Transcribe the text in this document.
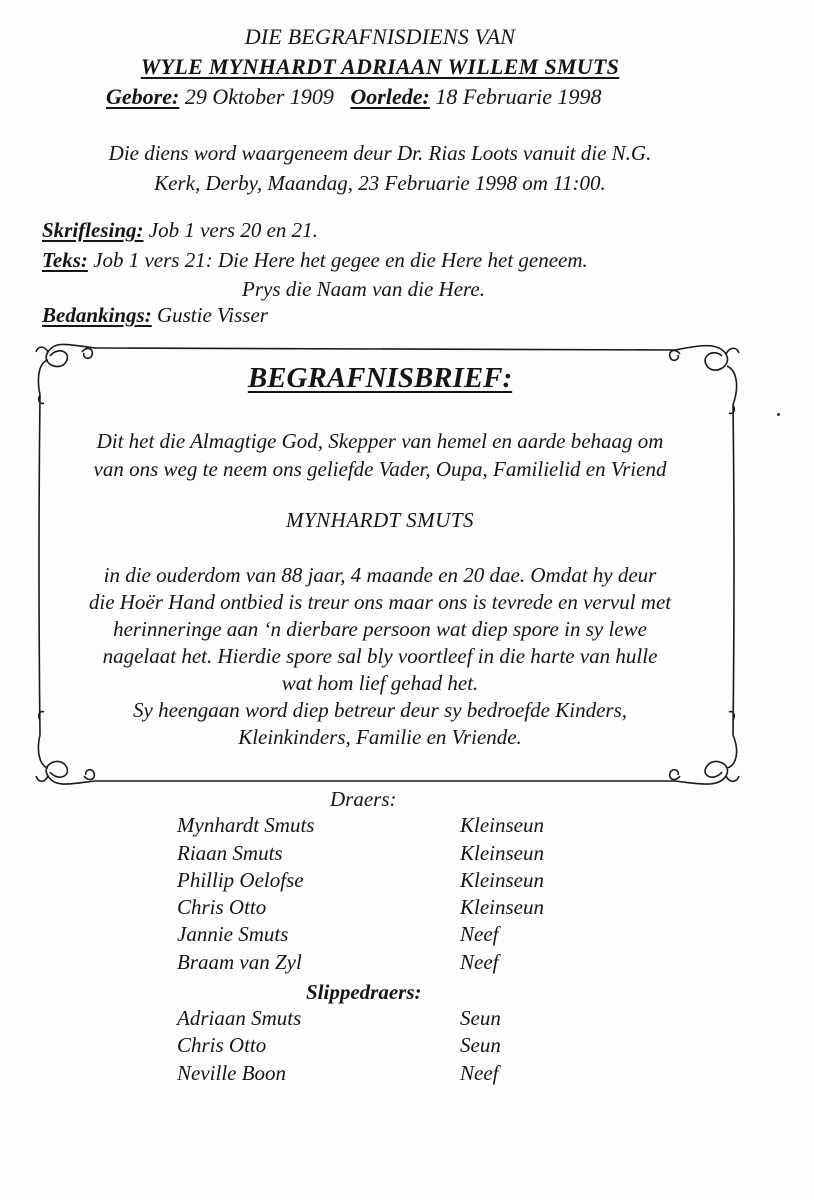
DIE BEGRAFNISDIENS VAN
WYLE MYNHARDT ADRIAAN WILLEM SMUTS
Gebore: 29 Oktober 1909 Oorlede: 18 Februarie 1998
Die diens word waargeneem deur Dr. Rias Loots vanuit die N.G.
Kerk, Derby, Maandag, 23 Februarie 1998 om 11:00.
Skriflesing: Job 1 vers 20 en 21.
Teks: Job 1 vers 21: Die Here het gegee en die Here het geneem.
Prys die Naam van die Here.
Bedankings: Gustie Visser
BEGRAFNISBRIEF:
Dit het die Almagtige God, Skepper van hemel en aarde behaag om
van ons weg te neem ons geliefde Vader, Oupa, Familielid en Vriend
MYNHARDT SMUTS
in die ouderdom van 88 jaar, 4 maande en 20 dae. Omdat hy deur
die Hoër Hand ontbied is treur ons maar ons is tevrede en vervul met
herinneringe aan ‘n dierbare persoon wat diep spore in sy lewe
nagelaat het. Hierdie spore sal bly voortleef in die harte van hulle
wat hom lief gehad het.
Sy heengaan word diep betreur deur sy bedroefde Kinders,
Kleinkinders, Familie en Vriende.
Draers:
Mynhardt Smuts	Kleinseun
Riaan Smuts	Kleinseun
Phillip Oelofse	Kleinseun
Chris Otto	Kleinseun
Jannie Smuts	Neef
Braam van Zyl	Neef
Slippedraers:
Adriaan Smuts	Seun
Chris Otto	Seun
Neville Boon	Neef
